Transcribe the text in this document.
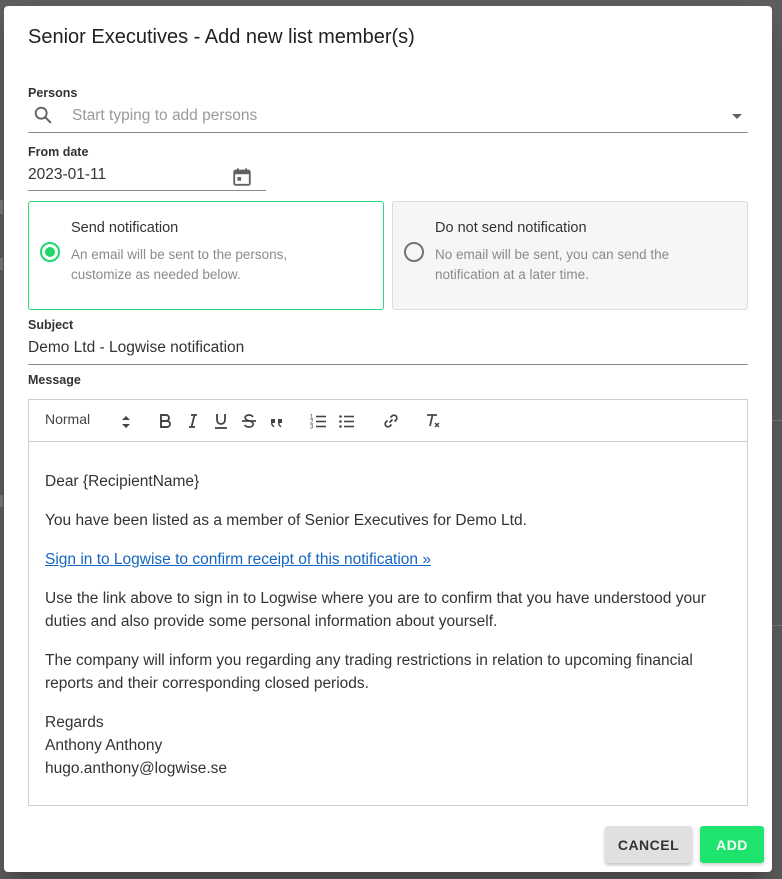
Senior Executives - Add new list member(s)
Persons
Start typing to add persons
From date
2023-01-11
Send notification
An email will be sent to the persons, customize as needed below.
Do not send notification
No email will be sent, you can send the notification at a later time.
Subject
Demo Ltd - Logwise notification
Message
Normal	1
2
3

Dear {RecipientName}

You have been listed as a member of Senior Executives for Demo Ltd.

Sign in to Logwise to confirm receipt of this notification »

Use the link above to sign in to Logwise where you are to confirm that you have understood your duties and also provide some personal information about yourself.

The company will inform you regarding any trading restrictions in relation to upcoming financial reports and their corresponding closed periods.

Regards
Anthony Anthony
hugo.anthony@logwise.se

CANCEL	ADD
